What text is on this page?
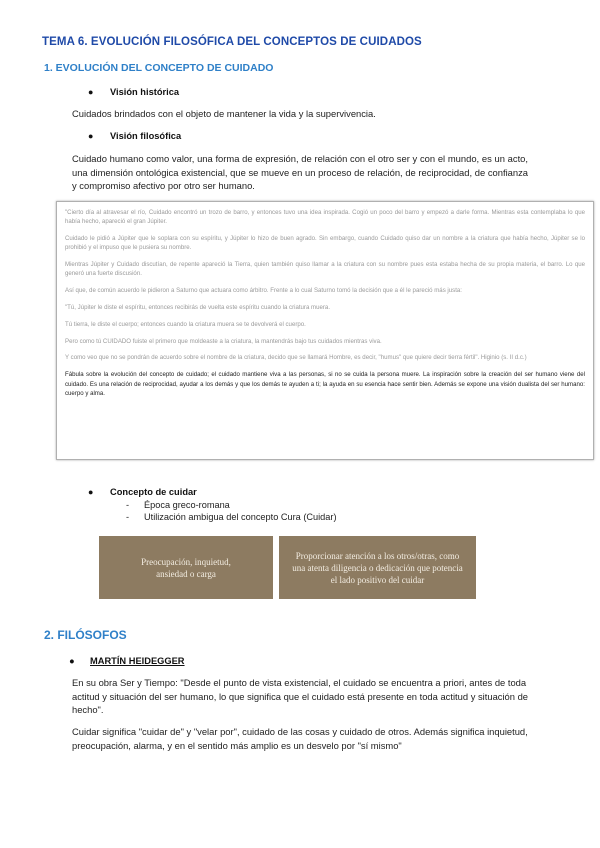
TEMA 6. EVOLUCIÓN FILOSÓFICA DEL CONCEPTOS DE CUIDADOS
1. EVOLUCIÓN DEL CONCEPTO DE CUIDADO
● Visión histórica
Cuidados brindados con el objeto de mantener la vida y la supervivencia.
● Visión filosófica
Cuidado humano como valor, una forma de expresión, de relación con el otro ser y con el mundo, es un acto, una dimensión ontológica existencial, que se mueve en un proceso de relación, de reciprocidad, de confianza y compromiso afectivo por otro ser humano.

"Cierto día al atravesar el río, Cuidado encontró un trozo de barro, y entonces tuvo una idea inspirada. Cogió un poco del barro y empezó a darle forma. Mientras esta contemplaba lo que había hecho, apareció el gran Júpiter.

Cuidado le pidió a Júpiter que le soplara con su espíritu, y Júpiter lo hizo de buen agrado. Sin embargo, cuando Cuidado quiso dar un nombre a la criatura que había hecho, Júpiter se lo prohibió y el impuso que le pusiera su nombre.

Mientras Júpiter y Cuidado discutían, de repente apareció la Tierra, quien también quiso llamar a la criatura con su nombre pues esta estaba hecha de su propia materia, el barro. Lo que generó una fuerte discusión.

Así que, de común acuerdo le pidieron a Saturno que actuara como árbitro. Frente a lo cual Saturno tomó la decisión que a él le pareció más justa:

"Tú, Júpiter le diste el espíritu, entonces recibirás de vuelta este espíritu cuando la criatura muera.

Tú tierra, le diste el cuerpo; entonces cuando la criatura muera se te devolverá el cuerpo.

Pero como tú CUIDADO fuiste el primero que moldeaste a la criatura, la mantendrás bajo tus cuidados mientras viva.

Y como veo que no se pondrán de acuerdo sobre el nombre de la criatura, decido que se llamará Hombre, es decir, "humus" que quiere decir tierra fértil". Higinio (s. II d.c.)

Fábula sobre la evolución del concepto de cuidado; el cuidado mantiene viva a las personas, si no se cuida la persona muere. La inspiración sobre la creación del ser humano viene del cuidado. Es una relación de reciprocidad, ayudar a los demás y que los demás te ayuden a ti; la ayuda en su esencia hace sentir bien. Además se expone una visión dualista del ser humano: cuerpo y alma.

● Concepto de cuidar
- Época greco-romana
- Utilización ambigua del concepto Cura (Cuidar)
Preocupación, inquietud, ansiedad o carga
Proporcionar atención a los otros/otras, como una atenta diligencia o dedicación que potencia el lado positivo del cuidar
2. FILÓSOFOS
● MARTÍN HEIDEGGER
En su obra Ser y Tiempo: "Desde el punto de vista existencial, el cuidado se encuentra a priori, antes de toda actitud y situación del ser humano, lo que significa que el cuidado está presente en toda actitud y situación de hecho".
Cuidar significa "cuidar de" y "velar por", cuidado de las cosas y cuidado de otros. Además significa inquietud, preocupación, alarma, y en el sentido más amplio es un desvelo por "sí mismo"
